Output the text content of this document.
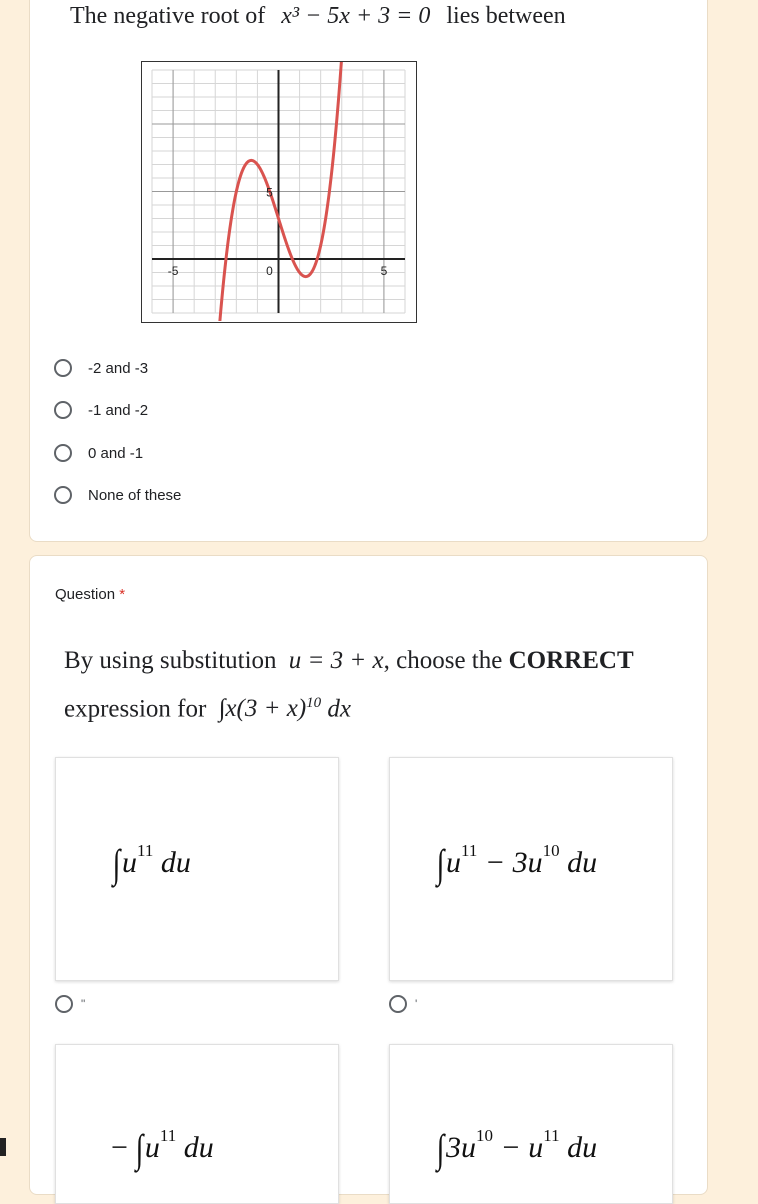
The negative root of x³ − 5x + 3 = 0 lies between
-5	0	5
5
-2 and -3
-1 and -2
0 and -1
None of these
Question *
By using substitution u = 3 + x, choose the CORRECT
expression for $\int x(3 + x)^{10}$ dx
$\int u^{11}$ du
"
$\int u^{11} - 3u^{10}$ du
'
− $\int u^{11}$ du	$\int 3u^{10} - u^{11}$ du
